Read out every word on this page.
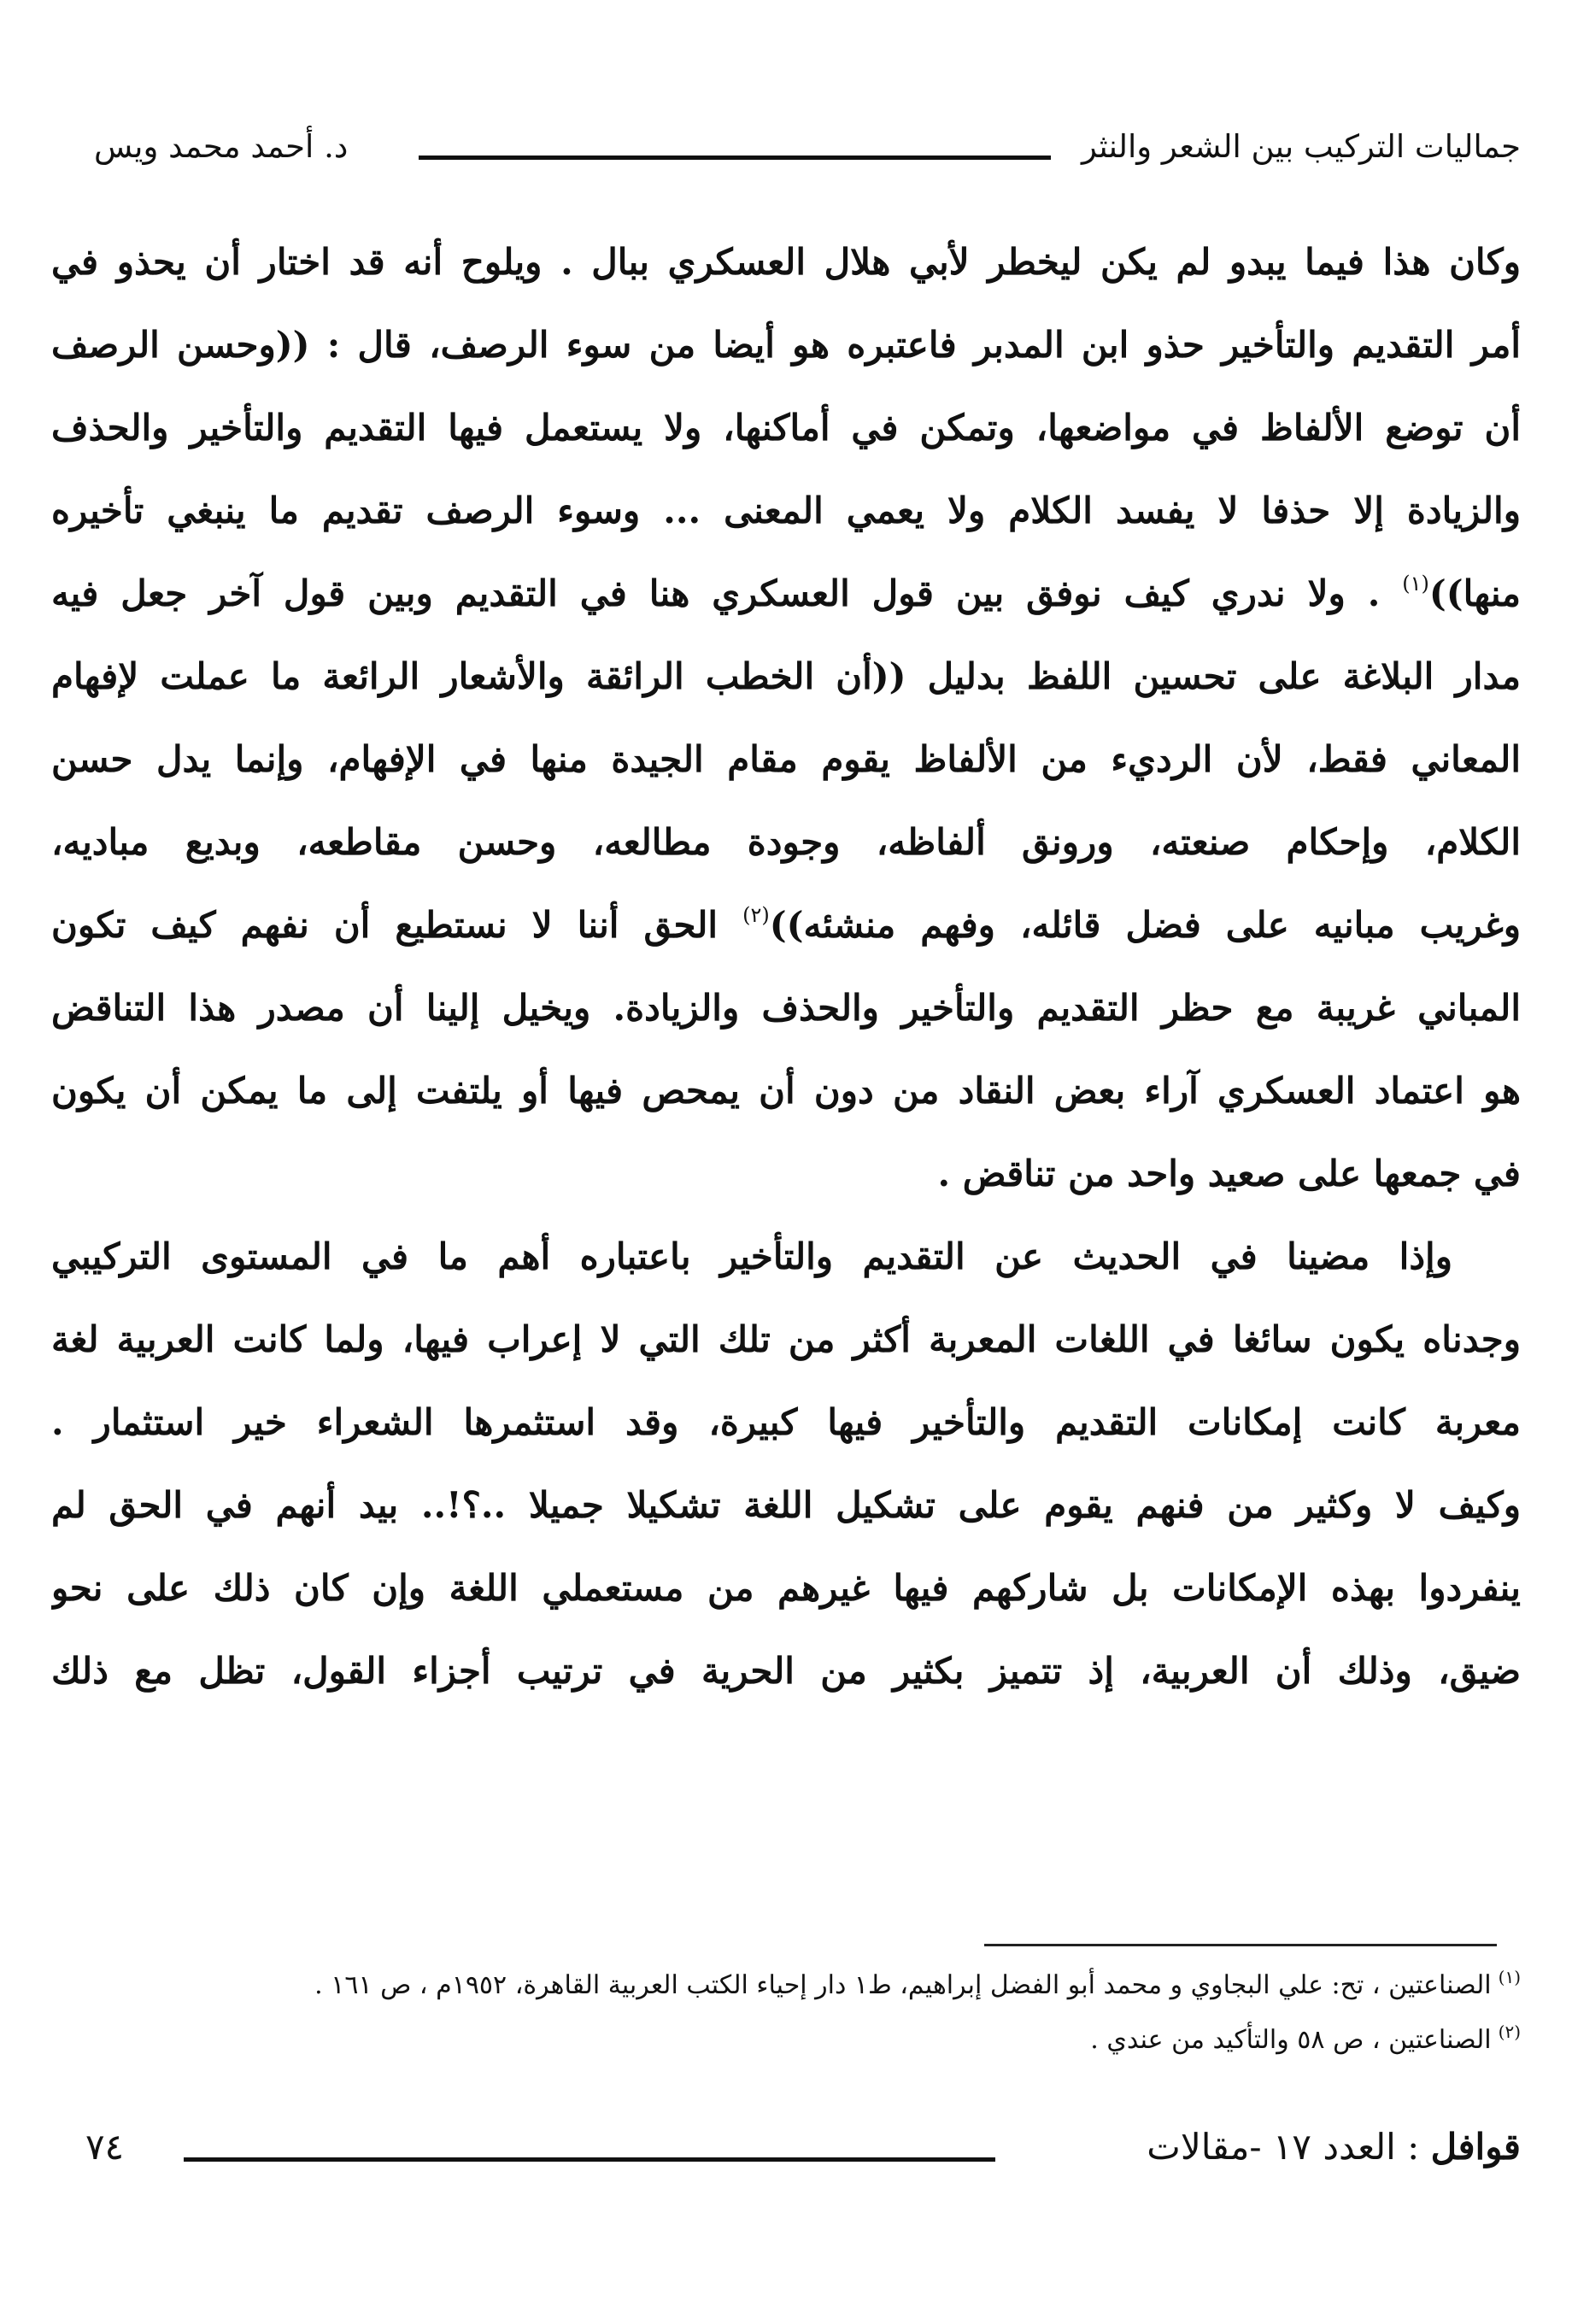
جماليات التركيب بين الشعر والنثر
د. أحمد محمد ويس
وكان هذا فيما يبدو لم يكن ليخطر لأبي هلال العسكري ببال . ويلوح أنه قد اختار أن يحذو في
أمر التقديم والتأخير حذو ابن المدبر فاعتبره هو أيضا من سوء الرصف، قال : ((وحسن الرصف
أن توضع الألفاظ في مواضعها، وتمكن في أماكنها، ولا يستعمل فيها التقديم والتأخير والحذف
والزيادة إلا حذفا لا يفسد الكلام ولا يعمي المعنى ... وسوء الرصف تقديم ما ينبغي تأخيره
منها))$^{(١)}$ . ولا ندري كيف نوفق بين قول العسكري هنا في التقديم وبين قول آخر جعل فيه
مدار البلاغة على تحسين اللفظ بدليل ((أن الخطب الرائقة والأشعار الرائعة ما عملت لإفهام
المعاني فقط، لأن الرديء من الألفاظ يقوم مقام الجيدة منها في الإفهام، وإنما يدل حسن
الكلام، وإحكام صنعته، ورونق ألفاظه، وجودة مطالعه، وحسن مقاطعه، وبديع مباديه،
وغريب مبانيه على فضل قائله، وفهم منشئه))$^{(٢)}$ الحق أننا لا نستطيع أن نفهم كيف تكون
المباني غريبة مع حظر التقديم والتأخير والحذف والزيادة. ويخيل إلينا أن مصدر هذا التناقض
هو اعتماد العسكري آراء بعض النقاد من دون أن يمحص فيها أو يلتفت إلى ما يمكن أن يكون
في جمعها على صعيد واحد من تناقض .
وإذا مضينا في الحديث عن التقديم والتأخير باعتباره أهم ما في المستوى التركيبي
وجدناه يكون سائغا في اللغات المعربة أكثر من تلك التي لا إعراب فيها، ولما كانت العربية لغة
معربة كانت إمكانات التقديم والتأخير فيها كبيرة، وقد استثمرها الشعراء خير استثمار .
وكيف لا وكثير من فنهم يقوم على تشكيل اللغة تشكيلا جميلا ..؟!.. بيد أنهم في الحق لم
ينفردوا بهذه الإمكانات بل شاركهم فيها غيرهم من مستعملي اللغة وإن كان ذلك على نحو
ضيق، وذلك أن العربية، إذ تتميز بكثير من الحرية في ترتيب أجزاء القول، تظل مع ذلك
$^{(١)}$الصناعتين ، تح: علي البجاوي و محمد أبو الفضل إبراهيم، ط١ دار إحياء الكتب العربية القاهرة، ١٩٥٢م ، ص ١٦١ .
$^{(٢)}$الصناعتين ، ص ٥٨ والتأكيد من عندي .
قوافل : العدد ١٧ -مقالات
٧٤
